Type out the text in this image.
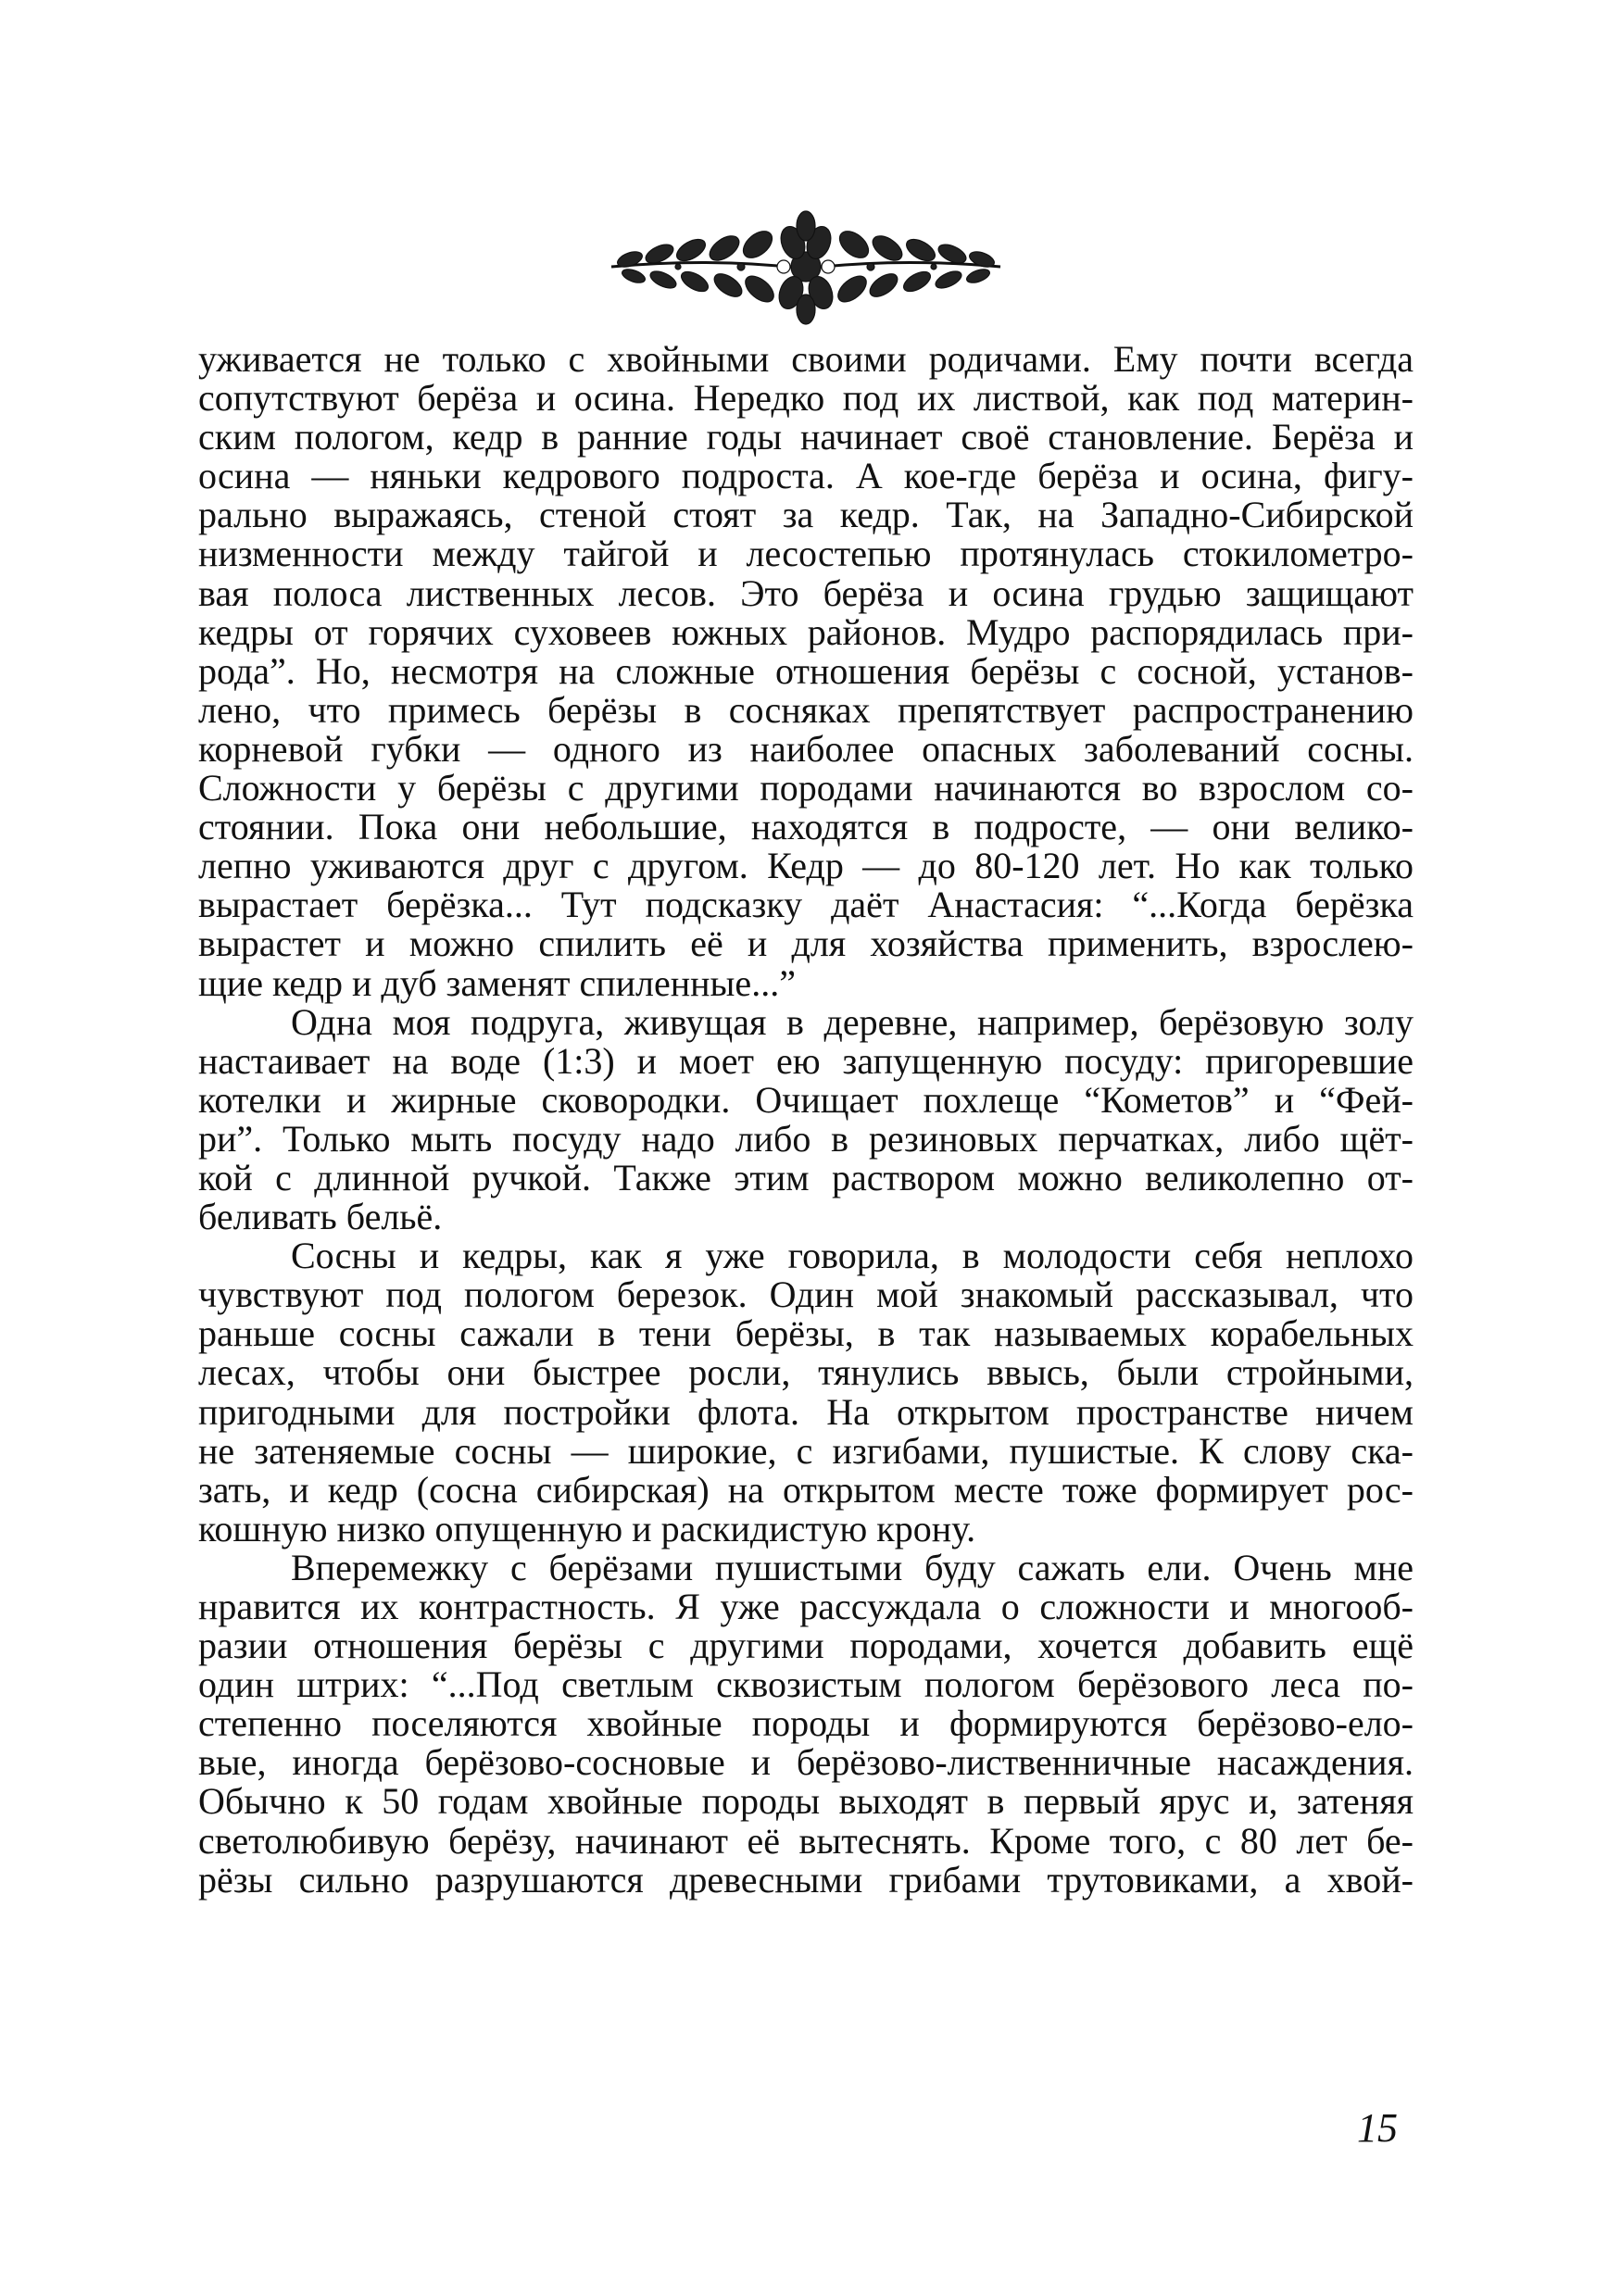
уживается не только с хвойными своими родичами. Ему почти всегда
сопутствуют берёза и осина. Нередко под их листвой, как под материн-
ским пологом, кедр в ранние годы начинает своё становление. Берёза и
осина — няньки кедрового подроста. А кое-где берёза и осина, фигу-
рально выражаясь, стеной стоят за кедр. Так, на Западно-Сибирской
низменности между тайгой и лесостепью протянулась стокилометро-
вая полоса лиственных лесов. Это берёза и осина грудью защищают
кедры от горячих суховеев южных районов. Мудро распорядилась при-
рода”. Но, несмотря на сложные отношения берёзы с сосной, установ-
лено, что примесь берёзы в сосняках препятствует распространению
корневой губки — одного из наиболее опасных заболеваний сосны.
Сложности у берёзы с другими породами начинаются во взрослом со-
стоянии. Пока они небольшие, находятся в подросте, — они велико-
лепно уживаются друг с другом. Кедр — до 80-120 лет. Но как только
вырастает берёзка... Тут подсказку даёт Анастасия: “...Когда берёзка
вырастет и можно спилить её и для хозяйства применить, взрослею-
щие кедр и дуб заменят спиленные...”
Одна моя подруга, живущая в деревне, например, берёзовую золу
настаивает на воде (1:3) и моет ею запущенную посуду: пригоревшие
котелки и жирные сковородки. Очищает похлеще “Кометов” и “Фей-
ри”. Только мыть посуду надо либо в резиновых перчатках, либо щёт-
кой с длинной ручкой. Также этим раствором можно великолепно от-
беливать бельё.
Сосны и кедры, как я уже говорила, в молодости себя неплохо
чувствуют под пологом березок. Один мой знакомый рассказывал, что
раньше сосны сажали в тени берёзы, в так называемых корабельных
лесах, чтобы они быстрее росли, тянулись ввысь, были стройными,
пригодными для постройки флота. На открытом пространстве ничем
не затеняемые сосны — широкие, с изгибами, пушистые. К слову ска-
зать, и кедр (сосна сибирская) на открытом месте тоже формирует рос-
кошную низко опущенную и раскидистую крону.
Вперемежку с берёзами пушистыми буду сажать ели. Очень мне
нравится их контрастность. Я уже рассуждала о сложности и многооб-
разии отношения берёзы с другими породами, хочется добавить ещё
один штрих: “...Под светлым сквозистым пологом берёзового леса по-
степенно поселяются хвойные породы и формируются берёзово-ело-
вые, иногда берёзово-сосновые и берёзово-лиственничные насаждения.
Обычно к 50 годам хвойные породы выходят в первый ярус и, затеняя
светолюбивую берёзу, начинают её вытеснять. Кроме того, с 80 лет бе-
рёзы сильно разрушаются древесными грибами трутовиками, а хвой-
15
